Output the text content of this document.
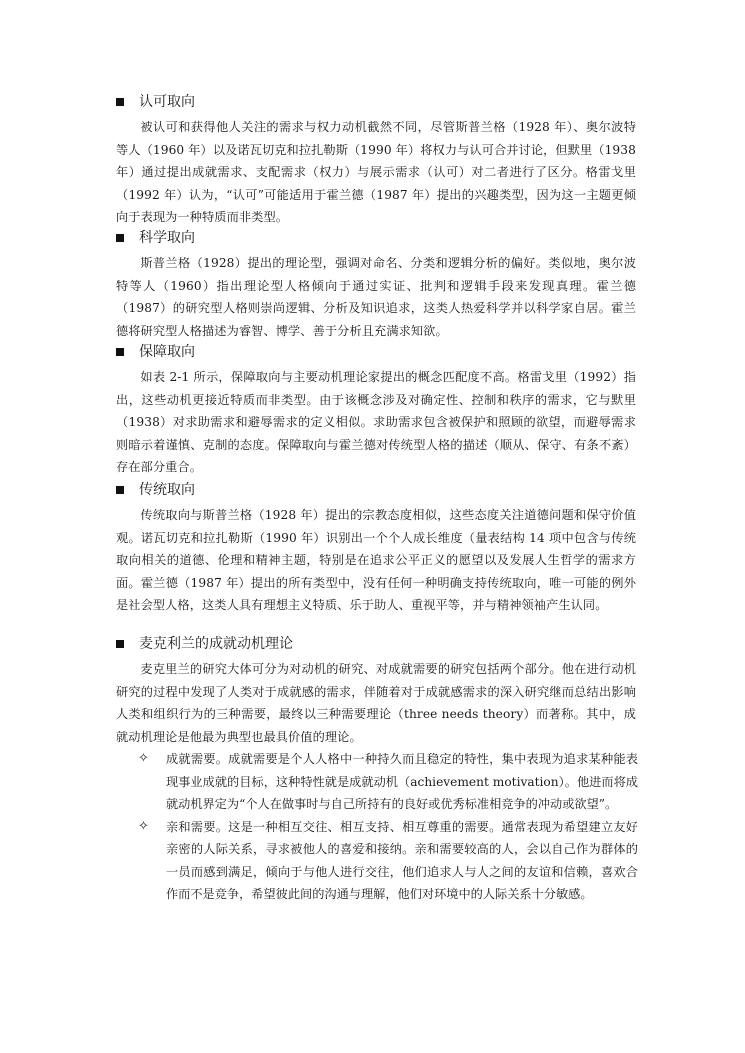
认可取向
被认可和获得他人关注的需求与权力动机截然不同，尽管斯普兰格（1928 年）、奥尔波特等人（1960 年）以及诺瓦切克和拉扎勒斯（1990 年）将权力与认可合并讨论，但默里（1938 年）通过提出成就需求、支配需求（权力）与展示需求（认可）对二者进行了区分。格雷戈里（1992 年）认为，“认可”可能适用于霍兰德（1987 年）提出的兴趣类型，因为这一主题更倾向于表现为一种特质而非类型。
科学取向
斯普兰格（1928）提出的理论型，强调对命名、分类和逻辑分析的偏好。类似地，奥尔波特等人（1960）指出理论型人格倾向于通过实证、批判和逻辑手段来发现真理。霍兰德（1987）的研究型人格则崇尚逻辑、分析及知识追求，这类人热爱科学并以科学家自居。霍兰德将研究型人格描述为睿智、博学、善于分析且充满求知欲。
保障取向
如表 2-1 所示，保障取向与主要动机理论家提出的概念匹配度不高。格雷戈里（1992）指出，这些动机更接近特质而非类型。由于该概念涉及对确定性、控制和秩序的需求，它与默里（1938）对求助需求和避辱需求的定义相似。求助需求包含被保护和照顾的欲望，而避辱需求则暗示着谨慎、克制的态度。保障取向与霍兰德对传统型人格的描述（顺从、保守、有条不紊）存在部分重合。
传统取向
传统取向与斯普兰格（1928 年）提出的宗教态度相似，这些态度关注道德问题和保守价值观。诺瓦切克和拉扎勒斯（1990 年）识别出一个个人成长维度（量表结构 14 项中包含与传统取向相关的道德、伦理和精神主题，特别是在追求公平正义的愿望以及发展人生哲学的需求方面。霍兰德（1987 年）提出的所有类型中，没有任何一种明确支持传统取向，唯一可能的例外是社会型人格，这类人具有理想主义特质、乐于助人、重视平等，并与精神领袖产生认同。
麦克利兰的成就动机理论
麦克里兰的研究大体可分为对动机的研究、对成就需要的研究包括两个部分。他在进行动机研究的过程中发现了人类对于成就感的需求，伴随着对于成就感需求的深入研究继而总结出影响人类和组织行为的三种需要，最终以三种需要理论（three needs theory）而著称。其中，成就动机理论是他最为典型也最具价值的理论。
✧ 成就需要。成就需要是个人人格中一种持久而且稳定的特性，集中表现为追求某种能表现事业成就的目标，这种特性就是成就动机（achievement motivation）。他进而将成就动机界定为“个人在做事时与自己所持有的良好或优秀标准相竞争的冲动或欲望”。
✧ 亲和需要。这是一种相互交往、相互支持、相互尊重的需要。通常表现为希望建立友好亲密的人际关系，寻求被他人的喜爱和接纳。亲和需要较高的人，会以自己作为群体的一员而感到满足，倾向于与他人进行交往，他们追求人与人之间的友谊和信赖，喜欢合作而不是竞争，希望彼此间的沟通与理解，他们对环境中的人际关系十分敏感。
